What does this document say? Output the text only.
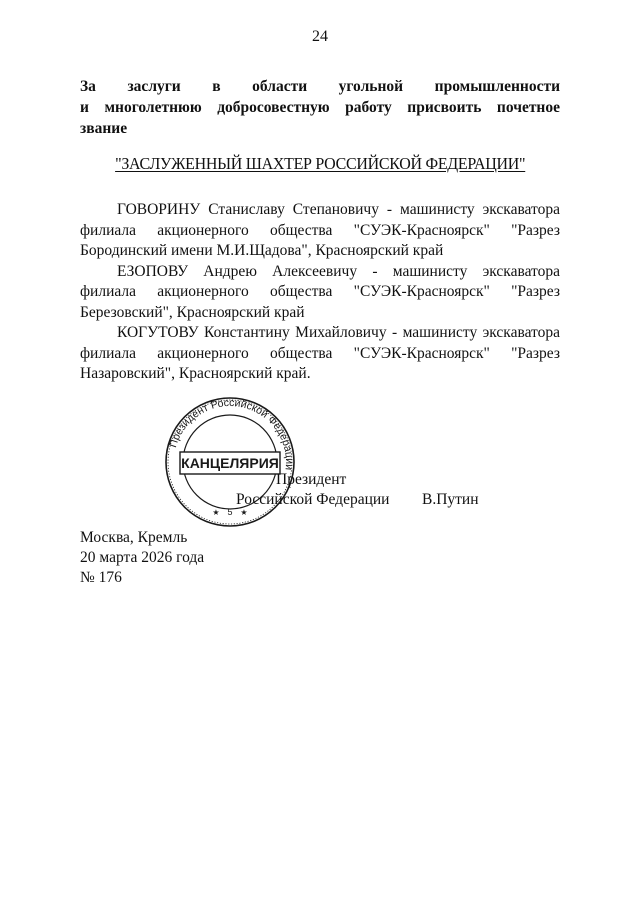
24
За заслуги в области угольной промышленности
и многолетнюю добросовестную работу присвоить почетное
звание
"ЗАСЛУЖЕННЫЙ ШАХТЕР РОССИЙСКОЙ ФЕДЕРАЦИИ"
ГОВОРИНУ Станиславу Степановичу - машинисту экскаватора
филиала акционерного общества "СУЭК-Красноярск" "Разрез
Бородинский имени М.И.Щадова", Красноярский край
ЕЗОПОВУ Андрею Алексеевичу - машинисту экскаватора
филиала акционерного общества "СУЭК-Красноярск" "Разрез
Березовский", Красноярский край
КОГУТОВУ Константину Михайловичу - машинисту экскаватора
филиала акционерного общества "СУЭК-Красноярск" "Разрез
Назаровский", Красноярский край.
Президент Российской Федерации
КАНЦЕЛЯРИЯ
5
★	★
Президент
Российской Федерации В.Путин
Москва, Кремль
20 марта 2026 года
№ 176
